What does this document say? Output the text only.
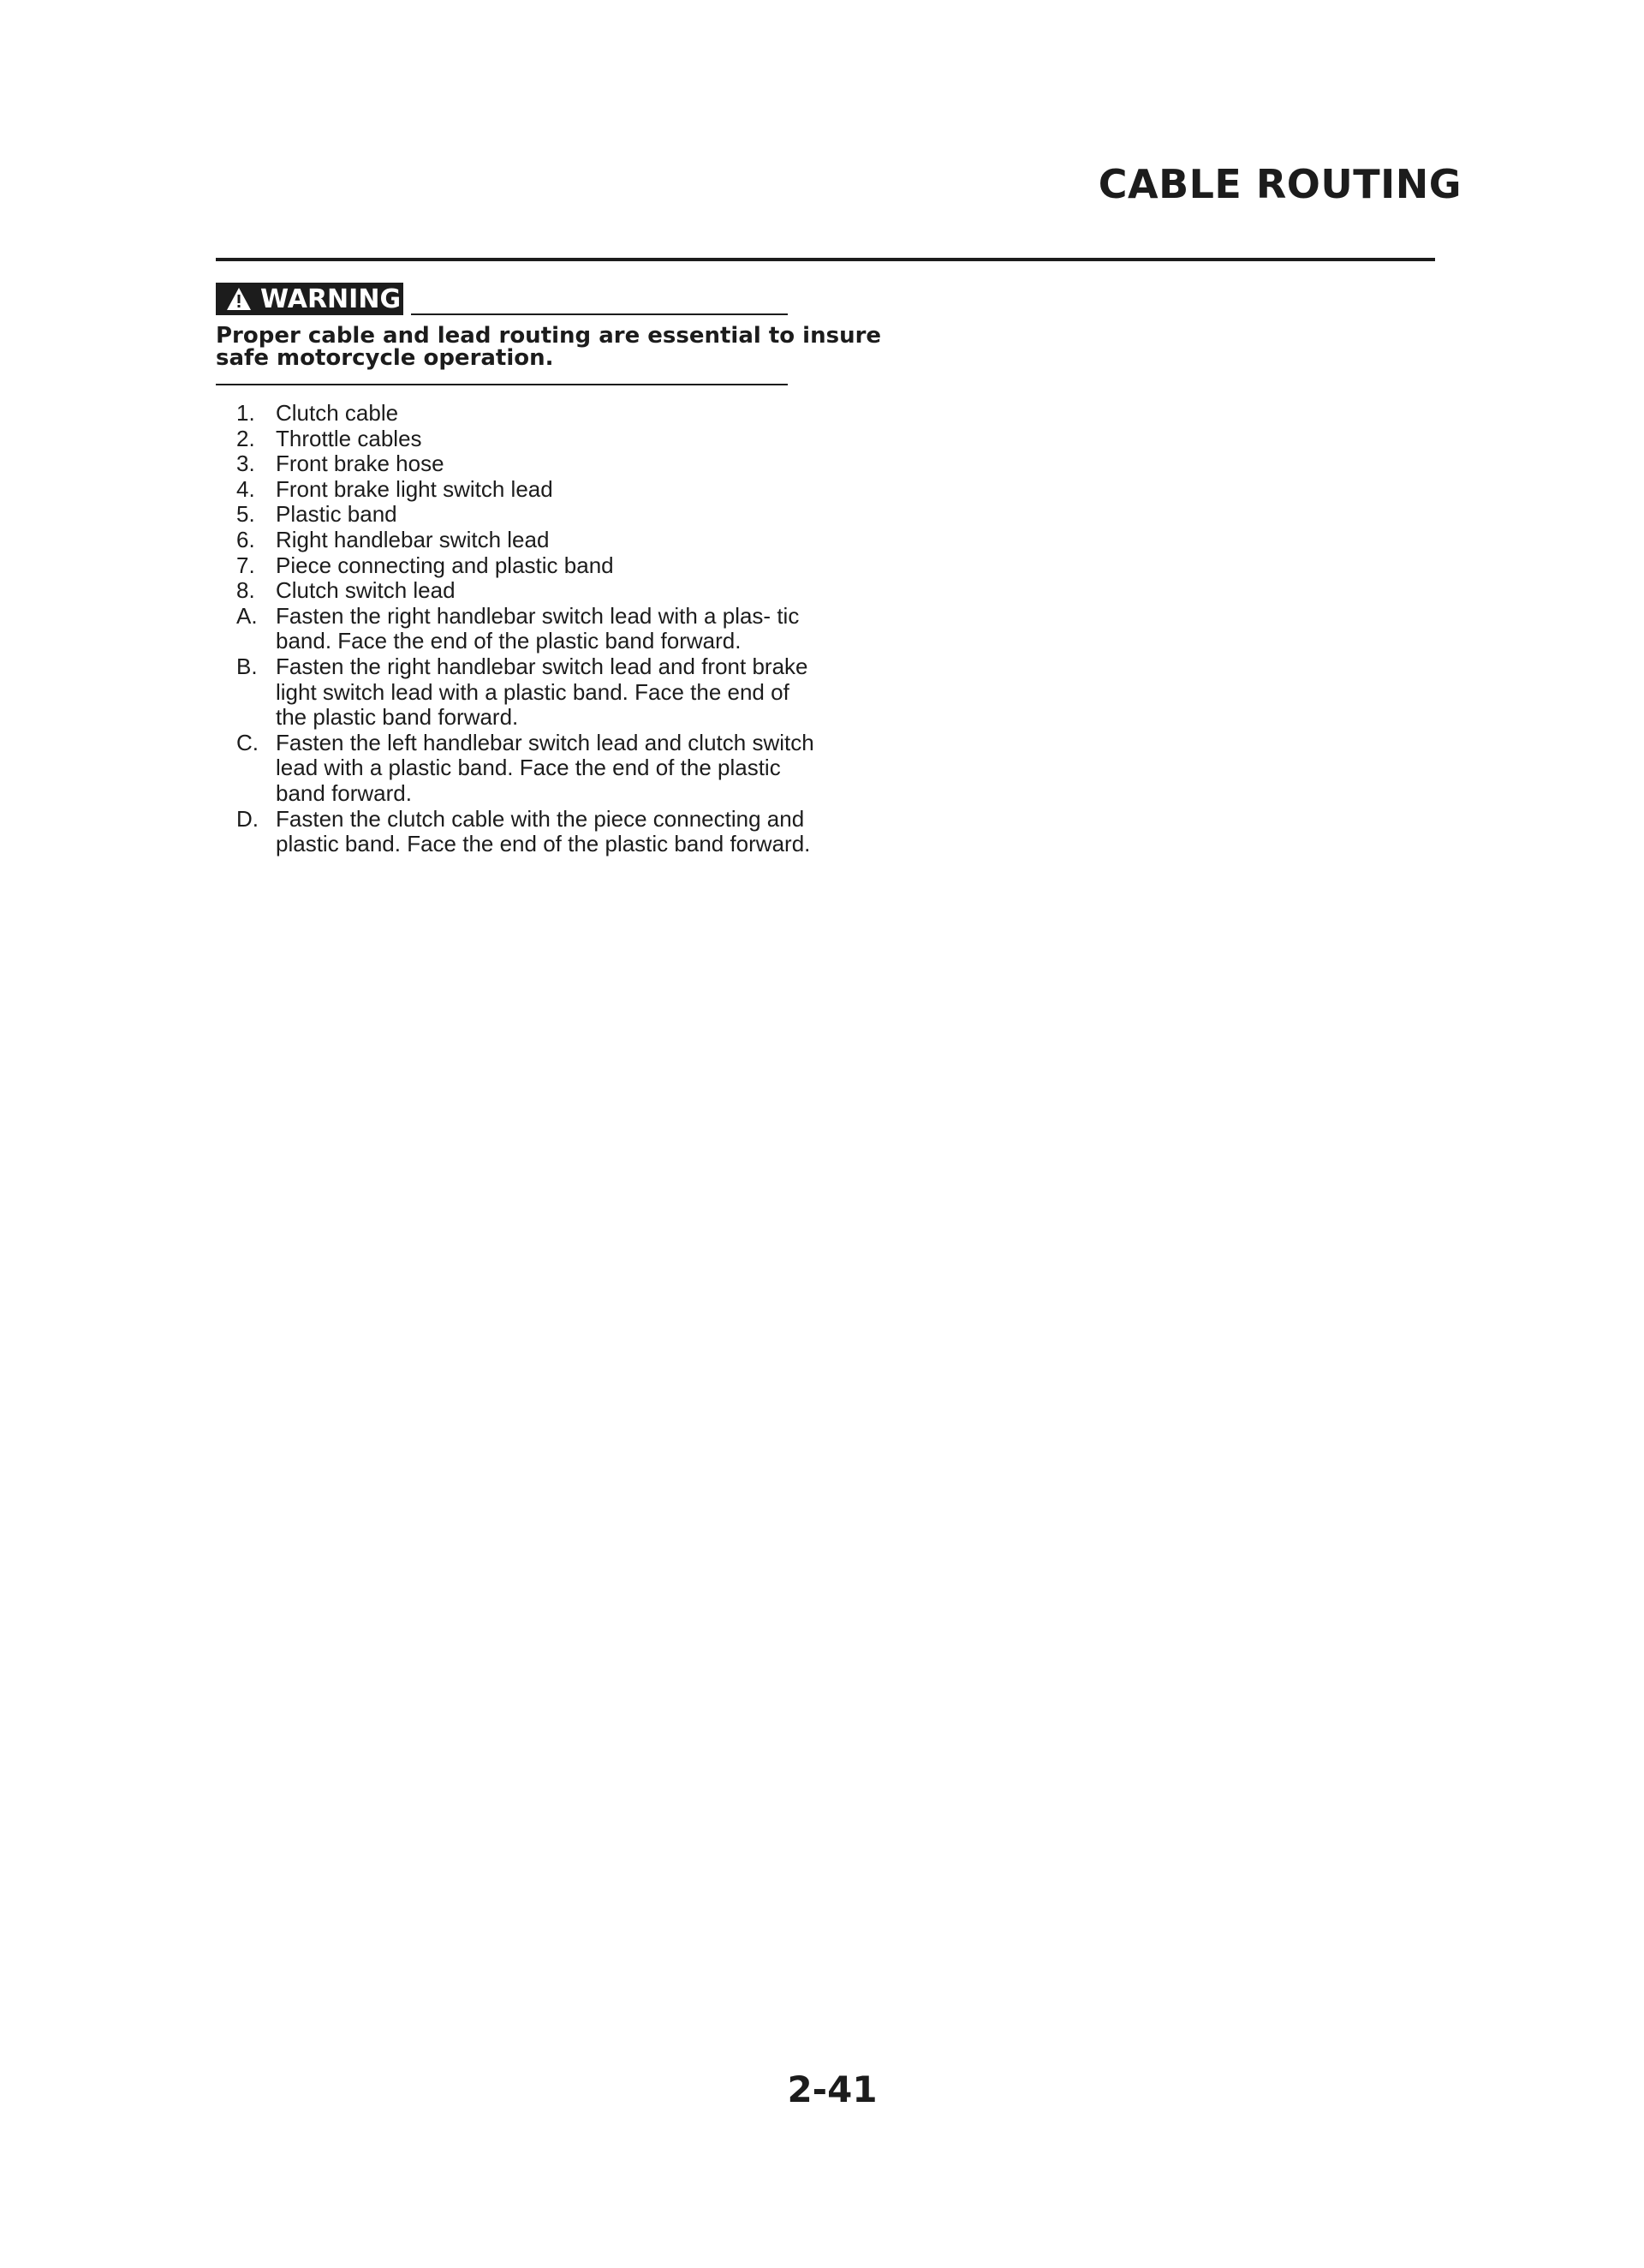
CABLE ROUTING
WARNING
Proper cable and lead routing are essential to insure safe motorcycle operation.
1. Clutch cable
2. Throttle cables
3. Front brake hose
4. Front brake light switch lead
5. Plastic band
6. Right handlebar switch lead
7. Piece connecting and plastic band
8. Clutch switch lead
A. Fasten the right handlebar switch lead with a plas- tic band. Face the end of the plastic band forward.
B. Fasten the right handlebar switch lead and front brake light switch lead with a plastic band. Face the end of the plastic band forward.
C. Fasten the left handlebar switch lead and clutch switch lead with a plastic band. Face the end of the plastic band forward.
D. Fasten the clutch cable with the piece connecting and plastic band. Face the end of the plastic band forward.
2-41
